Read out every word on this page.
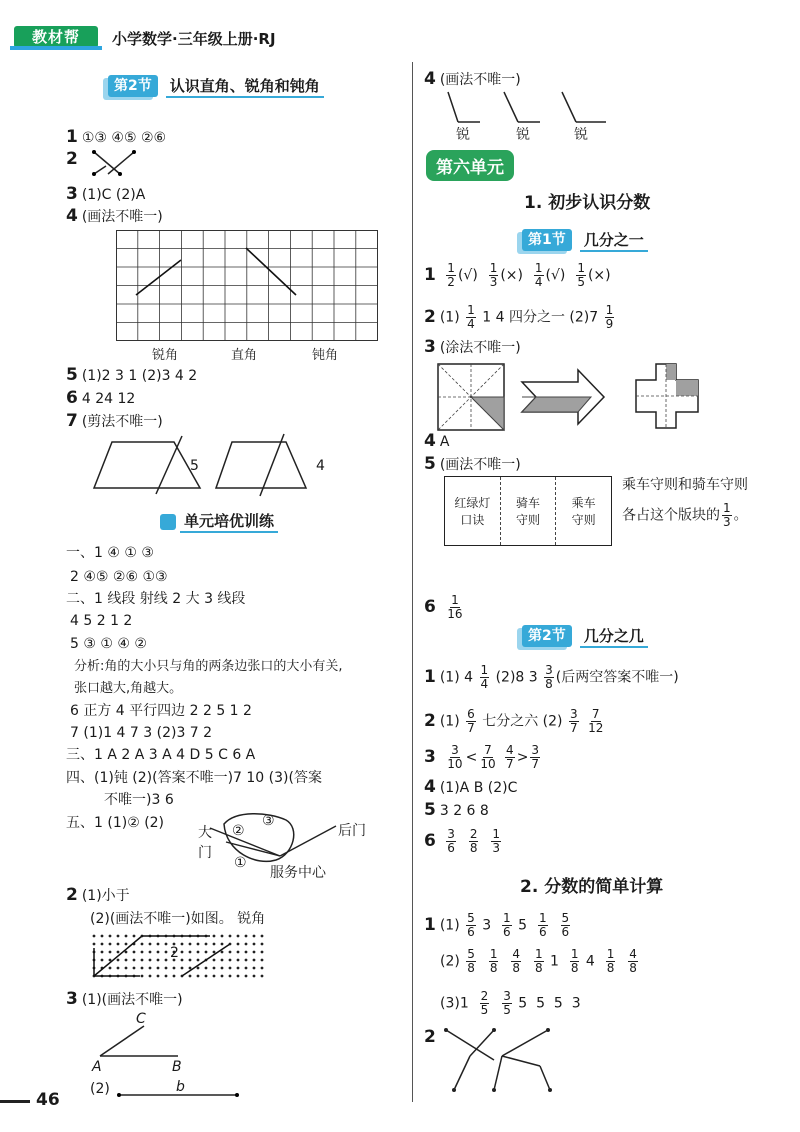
教材帮	小学数学·三年级上册·RJ
第2节	认识直角、锐角和钝角
1 ①③ ④⑤ ②⑥
2
3 (1)C (2)A
4 (画法不唯一)
锐角	直角	钝角
5 (1)2 3 1 (2)3 4 2
6 4 24 12
7 (剪法不唯一)
5	4
单元培优训练
一、1 ④ ① ③
2 ④⑤ ②⑥ ①③
二、1 线段 射线 2 大 3 线段
4 5 2 1 2
5 ③ ① ④ ②
分析:角的大小只与角的两条边张口的大小有关,
张口越大,角越大。
6 正方 4 平行四边 2 2 5 1 2
7 (1)1 4 7 3 (2)3 7 2
三、1 A 2 A 3 A 4 D 5 C 6 A
四、(1)钝 (2)(答案不唯一)7 10 (3)(答案
不唯一)3 6
五、1 (1)② (2)
大
门
后门
服务中心
②
③
①
2 (1)小于
(2)(画法不唯一)如图。 锐角
2
3 (1)(画法不唯一)
C
A	B
(2)	b
46
4 (画法不唯一)
锐	锐	锐
第六单元
1. 初步认识分数
第1节	几分之一
$1 \frac{1}{2}$ (√) $\frac{1}{3}$ (×) $\frac{1}{4}$ (√) $\frac{1}{5}$ (×)
2 $(1) \frac{1}{4} 1$ 4 四分之一 $(2)7 \frac{1}{9}$
3 (涂法不唯一)
4 A
5 (画法不唯一)
红绿灯
口诀
骑车
守则
乘车
守则
乘车守则和骑车守则
各占这个版块的 $\frac{1}{3}$ 。
$6 \frac{1}{16}$
第2节	几分之几
1 (1) $4 \frac{1}{4} (2)8$ $3 \frac{3}{8}$ (后两空答案不唯一)
2 $(1) \frac{6}{7}$ 七分之六 $(2) \frac{3}{7}$
$\frac{7}{12}$
$3 \frac{3}{10} < \frac{7}{10}$
$\frac{4}{7} > \frac{3}{7}$
4 (1)A B (2)C
5 3 2 6 8
$6 \frac{3}{6}$
$\frac{2}{8}$
$\frac{1}{3}$
2. 分数的简单计算
1 $(1) \frac{5}{6} 3 \frac{1}{6} 5 \frac{1}{6}$
$\frac{5}{6}$
$(2) \frac{5}{8}$
$\frac{1}{8}$
$\frac{4}{8}$
$\frac{1}{8} 1 \frac{1}{8} 4 \frac{1}{8}$
$\frac{4}{8}$
$(3)1 \frac{2}{5}$
$\frac{3}{5} 5$  5  5  3
2
